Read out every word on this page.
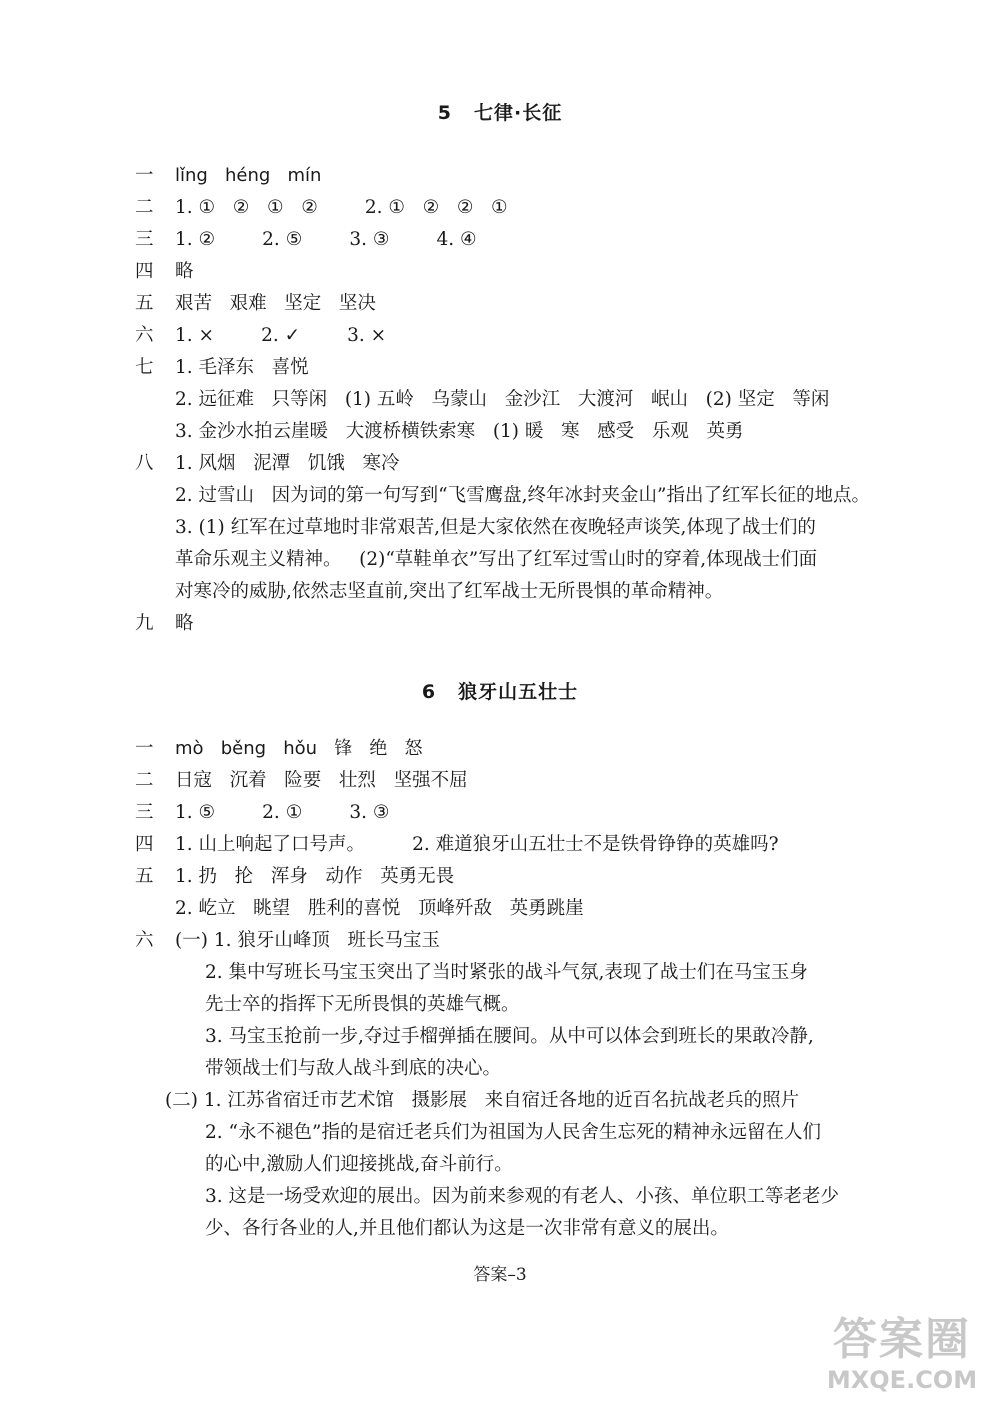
5 七律·长征
一 lǐng   héng   mín
二 1. ①   ②   ①   ②        2. ①   ②   ②   ①
三 1. ②        2. ⑤        3. ③        4. ④
四 略
五 艰苦   艰难   坚定   坚决
六 1. ×        2. ✓        3. ×
七 1. 毛泽东   喜悦
2. 远征难   只等闲   (1) 五岭   乌蒙山   金沙江   大渡河   岷山   (2) 坚定   等闲
3. 金沙水拍云崖暖   大渡桥横铁索寒   (1) 暖   寒   感受   乐观   英勇
八 1. 风烟   泥潭   饥饿   寒冷
2. 过雪山   因为词的第一句写到“飞雪鹰盘,终年冰封夹金山”指出了红军长征的地点。
3. (1) 红军在过草地时非常艰苦,但是大家依然在夜晚轻声谈笑,体现了战士们的
革命乐观主义精神。   (2)“草鞋单衣”写出了红军过雪山时的穿着,体现战士们面
对寒冷的威胁,依然志坚直前,突出了红军战士无所畏惧的革命精神。
九 略
6 狼牙山五壮士
一 mò   běng   hǒu   锋   绝   怒
二 日寇   沉着   险要   壮烈   坚强不屈
三 1. ⑤        2. ①        3. ③
四 1. 山上响起了口号声。        2. 难道狼牙山五壮士不是铁骨铮铮的英雄吗?
五 1. 扔   抡   浑身   动作   英勇无畏
2. 屹立   眺望   胜利的喜悦   顶峰歼敌   英勇跳崖
六 (一) 1. 狼牙山峰顶   班长马宝玉
2. 集中写班长马宝玉突出了当时紧张的战斗气氛,表现了战士们在马宝玉身
先士卒的指挥下无所畏惧的英雄气概。
3. 马宝玉抢前一步,夺过手榴弹插在腰间。从中可以体会到班长的果敢冷静,
带领战士们与敌人战斗到底的决心。
(二) 1. 江苏省宿迁市艺术馆   摄影展   来自宿迁各地的近百名抗战老兵的照片
2. “永不褪色”指的是宿迁老兵们为祖国为人民舍生忘死的精神永远留在人们
的心中,激励人们迎接挑战,奋斗前行。
3. 这是一场受欢迎的展出。因为前来参观的有老人、小孩、单位职工等老老少
少、各行各业的人,并且他们都认为这是一次非常有意义的展出。
答案–3
答案圈
MXQE.COM
